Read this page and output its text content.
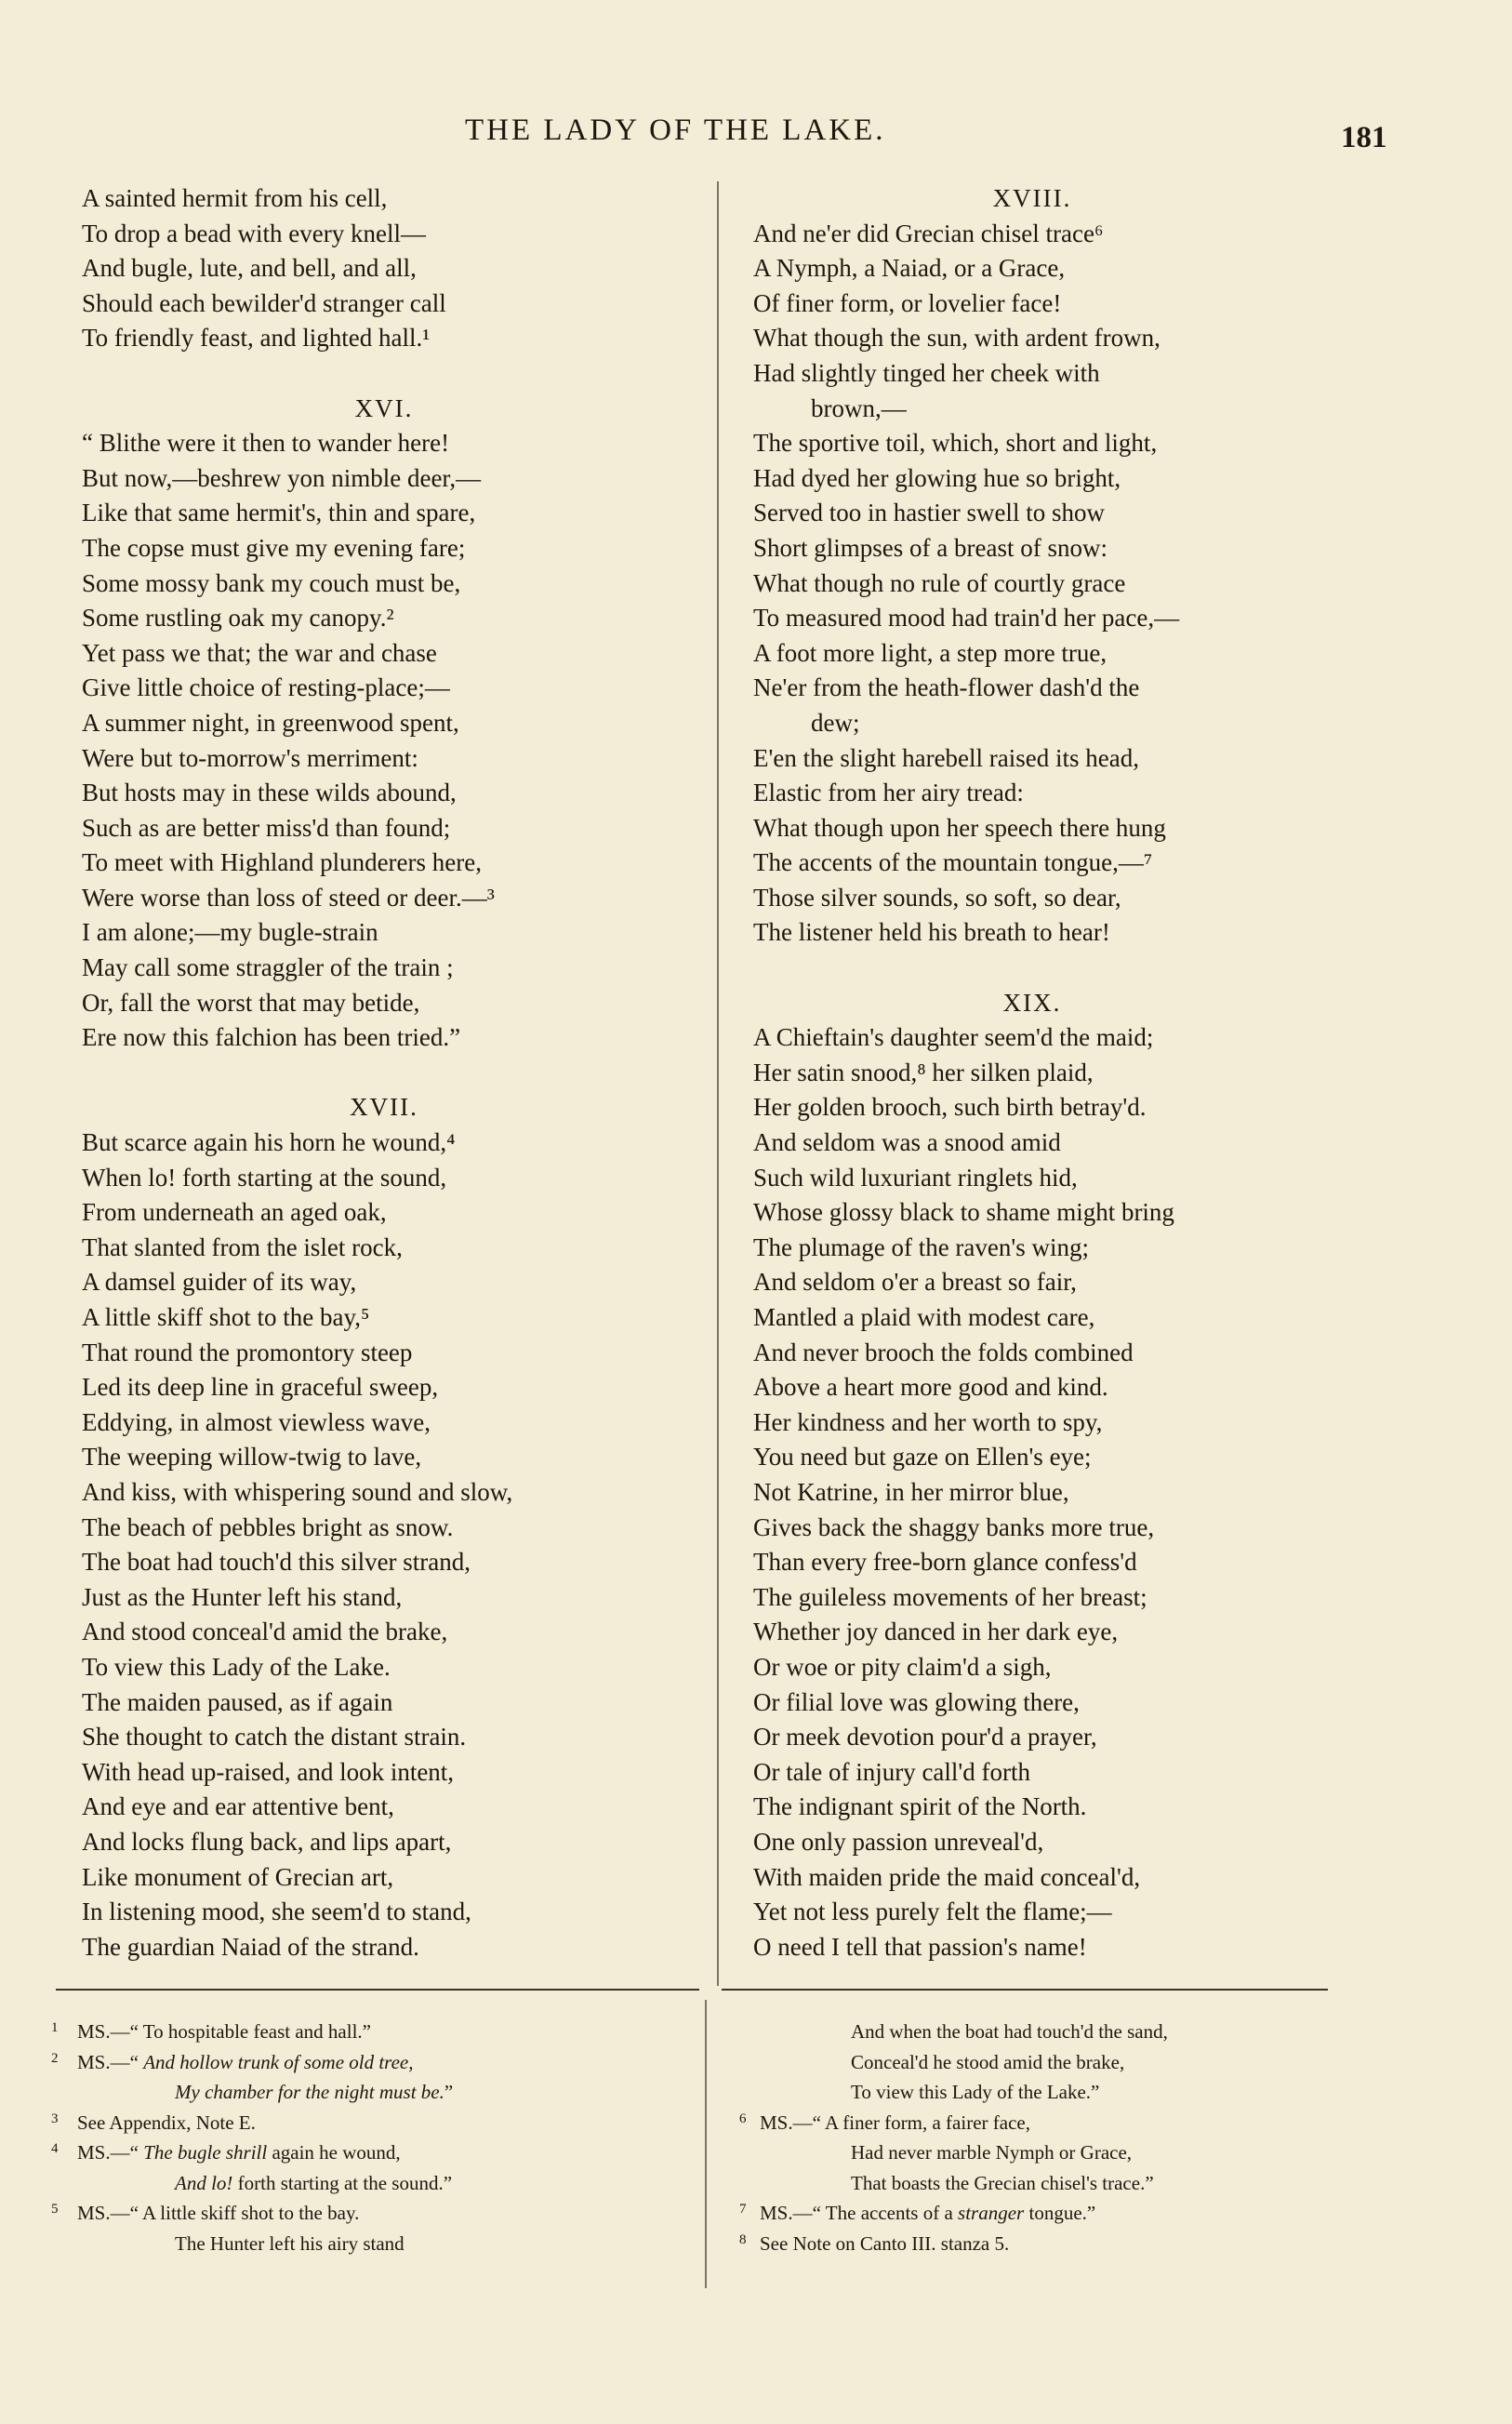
THE LADY OF THE LAKE.	181
A sainted hermit from his cell,
To drop a bead with every knell—
And bugle, lute, and bell, and all,
Should each bewilder'd stranger call
To friendly feast, and lighted hall.¹
XVI.
“ Blithe were it then to wander here!
But now,—beshrew yon nimble deer,—
Like that same hermit's, thin and spare,
The copse must give my evening fare;
Some mossy bank my couch must be,
Some rustling oak my canopy.²
Yet pass we that; the war and chase
Give little choice of resting-place;—
A summer night, in greenwood spent,
Were but to-morrow's merriment:
But hosts may in these wilds abound,
Such as are better miss'd than found;
To meet with Highland plunderers here,
Were worse than loss of steed or deer.—³
I am alone;—my bugle-strain
May call some straggler of the train ;
Or, fall the worst that may betide,
Ere now this falchion has been tried.”
XVII.
But scarce again his horn he wound,⁴
When lo! forth starting at the sound,
From underneath an aged oak,
That slanted from the islet rock,
A damsel guider of its way,
A little skiff shot to the bay,⁵
That round the promontory steep
Led its deep line in graceful sweep,
Eddying, in almost viewless wave,
The weeping willow-twig to lave,
And kiss, with whispering sound and slow,
The beach of pebbles bright as snow.
The boat had touch'd this silver strand,
Just as the Hunter left his stand,
And stood conceal'd amid the brake,
To view this Lady of the Lake.
The maiden paused, as if again
She thought to catch the distant strain.
With head up-raised, and look intent,
And eye and ear attentive bent,
And locks flung back, and lips apart,
Like monument of Grecian art,
In listening mood, she seem'd to stand,
The guardian Naiad of the strand.
XVIII.
And ne'er did Grecian chisel trace⁶
A Nymph, a Naiad, or a Grace,
Of finer form, or lovelier face!
What though the sun, with ardent frown,
Had slightly tinged her cheek with
brown,—
The sportive toil, which, short and light,
Had dyed her glowing hue so bright,
Served too in hastier swell to show
Short glimpses of a breast of snow:
What though no rule of courtly grace
To measured mood had train'd her pace,—
A foot more light, a step more true,
Ne'er from the heath-flower dash'd the
dew;
E'en the slight harebell raised its head,
Elastic from her airy tread:
What though upon her speech there hung
The accents of the mountain tongue,—⁷
Those silver sounds, so soft, so dear,
The listener held his breath to hear!
XIX.
A Chieftain's daughter seem'd the maid;
Her satin snood,⁸ her silken plaid,
Her golden brooch, such birth betray'd.
And seldom was a snood amid
Such wild luxuriant ringlets hid,
Whose glossy black to shame might bring
The plumage of the raven's wing;
And seldom o'er a breast so fair,
Mantled a plaid with modest care,
And never brooch the folds combined
Above a heart more good and kind.
Her kindness and her worth to spy,
You need but gaze on Ellen's eye;
Not Katrine, in her mirror blue,
Gives back the shaggy banks more true,
Than every free-born glance confess'd
The guileless movements of her breast;
Whether joy danced in her dark eye,
Or woe or pity claim'd a sigh,
Or filial love was glowing there,
Or meek devotion pour'd a prayer,
Or tale of injury call'd forth
The indignant spirit of the North.
One only passion unreveal'd,
With maiden pride the maid conceal'd,
Yet not less purely felt the flame;—
O need I tell that passion's name!
1 MS.—“ To hospitable feast and hall.”
2 MS.—“ And hollow trunk of some old tree,
My chamber for the night must be.”
3 See Appendix, Note E.
4 MS.—“ The bugle shrill again he wound,
And lo! forth starting at the sound.”
5 MS.—“ A little skiff shot to the bay.
The Hunter left his airy stand
And when the boat had touch'd the sand,
Conceal'd he stood amid the brake,
To view this Lady of the Lake.”
6 MS.—“ A finer form, a fairer face,
Had never marble Nymph or Grace,
That boasts the Grecian chisel's trace.”
7 MS.—“ The accents of a stranger tongue.”
8 See Note on Canto III. stanza 5.
